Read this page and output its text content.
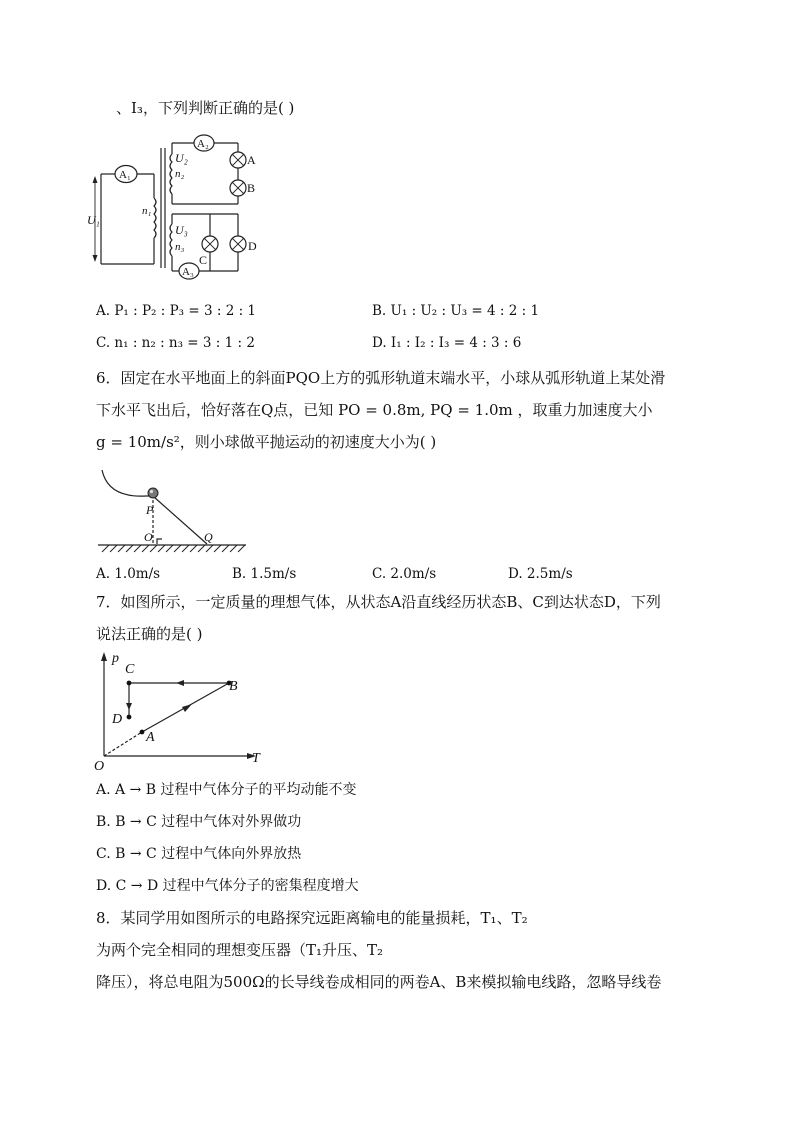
、I₃，下列判断正确的是( )
A₁
A₂
A₃
U₁
n₁
U₂
n₂
U₃
n₃
A
B
C
D
A. P₁ : P₂ : P₃ = 3 : 2 : 1	B. U₁ : U₂ : U₃ = 4 : 2 : 1
C. n₁ : n₂ : n₃ = 3 : 1 : 2	D. I₁ : I₂ : I₃ = 4 : 3 : 6
6．固定在水平地面上的斜面PQO上方的弧形轨道末端水平，小球从弧形轨道上某处滑
下水平飞出后，恰好落在Q点，已知 PO = 0.8m, PQ = 1.0m ，取重力加速度大小
g = 10m/s²，则小球做平抛运动的初速度大小为( )
P
O	Q
A. 1.0m/s	B. 1.5m/s	C. 2.0m/s	D. 2.5m/s
7．如图所示，一定质量的理想气体，从状态A沿直线经历状态B、C到达状态D，下列
说法正确的是( )
p
T
O
A
B
C
D
A. A → B 过程中气体分子的平均动能不变
B. B → C 过程中气体对外界做功
C. B → C 过程中气体向外界放热
D. C → D 过程中气体分子的密集程度增大
8．某同学用如图所示的电路探究远距离输电的能量损耗，T₁、T₂
为两个完全相同的理想变压器（T₁升压、T₂
降压），将总电阻为500Ω的长导线卷成相同的两卷A、B来模拟输电线路，忽略导线卷
